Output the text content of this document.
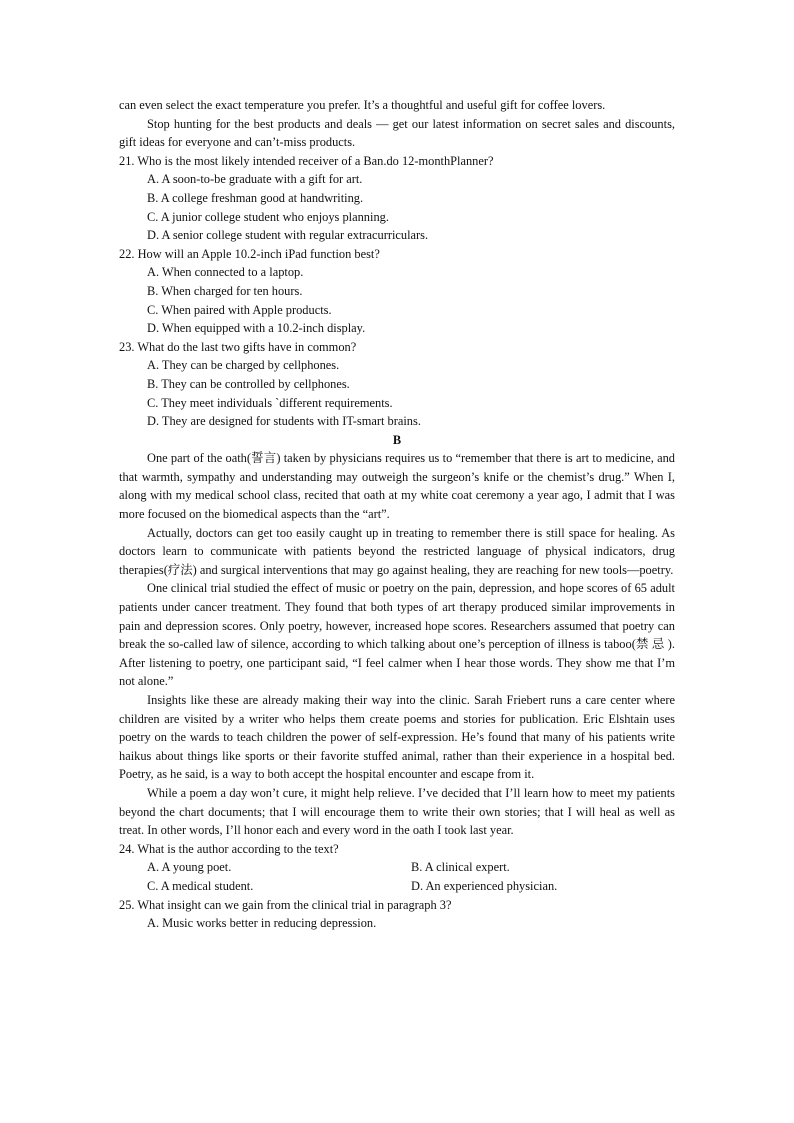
can even select the exact temperature you prefer. It’s a thoughtful and useful gift for coffee lovers.

Stop hunting for the best products and deals — get our latest information on secret sales and discounts, gift ideas for everyone and can’t-miss products.

21. Who is the most likely intended receiver of a Ban.do 12-monthPlanner?

A. A soon-to-be graduate with a gift for art.

B. A college freshman good at handwriting.

C. A junior college student who enjoys planning.

D. A senior college student with regular extracurriculars.

22. How will an Apple 10.2-inch iPad function best?

A. When connected to a laptop.

B. When charged for ten hours.

C. When paired with Apple products.

D. When equipped with a 10.2-inch display.

23. What do the last two gifts have in common?

A. They can be charged by cellphones.

B. They can be controlled by cellphones.

C. They meet individuals `different requirements.

D. They are designed for students with IT-smart brains.

B

One part of the oath(誓言) taken by physicians requires us to “remember that there is art to medicine, and that warmth, sympathy and understanding may outweigh the surgeon’s knife or the chemist’s drug.” When I, along with my medical school class, recited that oath at my white coat ceremony a year ago, I admit that I was more focused on the biomedical aspects than the “art”.

Actually, doctors can get too easily caught up in treating to remember there is still space for healing. As doctors learn to communicate with patients beyond the restricted language of physical indicators, drug therapies(疗法) and surgical interventions that may go against healing, they are reaching for new tools—poetry.

One clinical trial studied the effect of music or poetry on the pain, depression, and hope scores of 65 adult patients under cancer treatment. They found that both types of art therapy produced similar improvements in pain and depression scores. Only poetry, however, increased hope scores. Researchers assumed that poetry can break the so-called law of silence, according to which talking about one’s perception of illness is taboo(禁 忌 ). After listening to poetry, one participant said, “I feel calmer when I hear those words. They show me that I’m not alone.”

Insights like these are already making their way into the clinic. Sarah Friebert runs a care center where children are visited by a writer who helps them create poems and stories for publication. Eric Elshtain uses poetry on the wards to teach children the power of self-expression. He’s found that many of his patients write haikus about things like sports or their favorite stuffed animal, rather than their experience in a hospital bed. Poetry, as he said, is a way to both accept the hospital encounter and escape from it.

While a poem a day won’t cure, it might help relieve. I’ve decided that I’ll learn how to meet my patients beyond the chart documents; that I will encourage them to write their own stories; that I will heal as well as treat. In other words, I’ll honor each and every word in the oath I took last year.

24. What is the author according to the text?

A. A young poet.	B. A clinical expert.
C. A medical student.	D. An experienced physician.

25. What insight can we gain from the clinical trial in paragraph 3?

A. Music works better in reducing depression.
